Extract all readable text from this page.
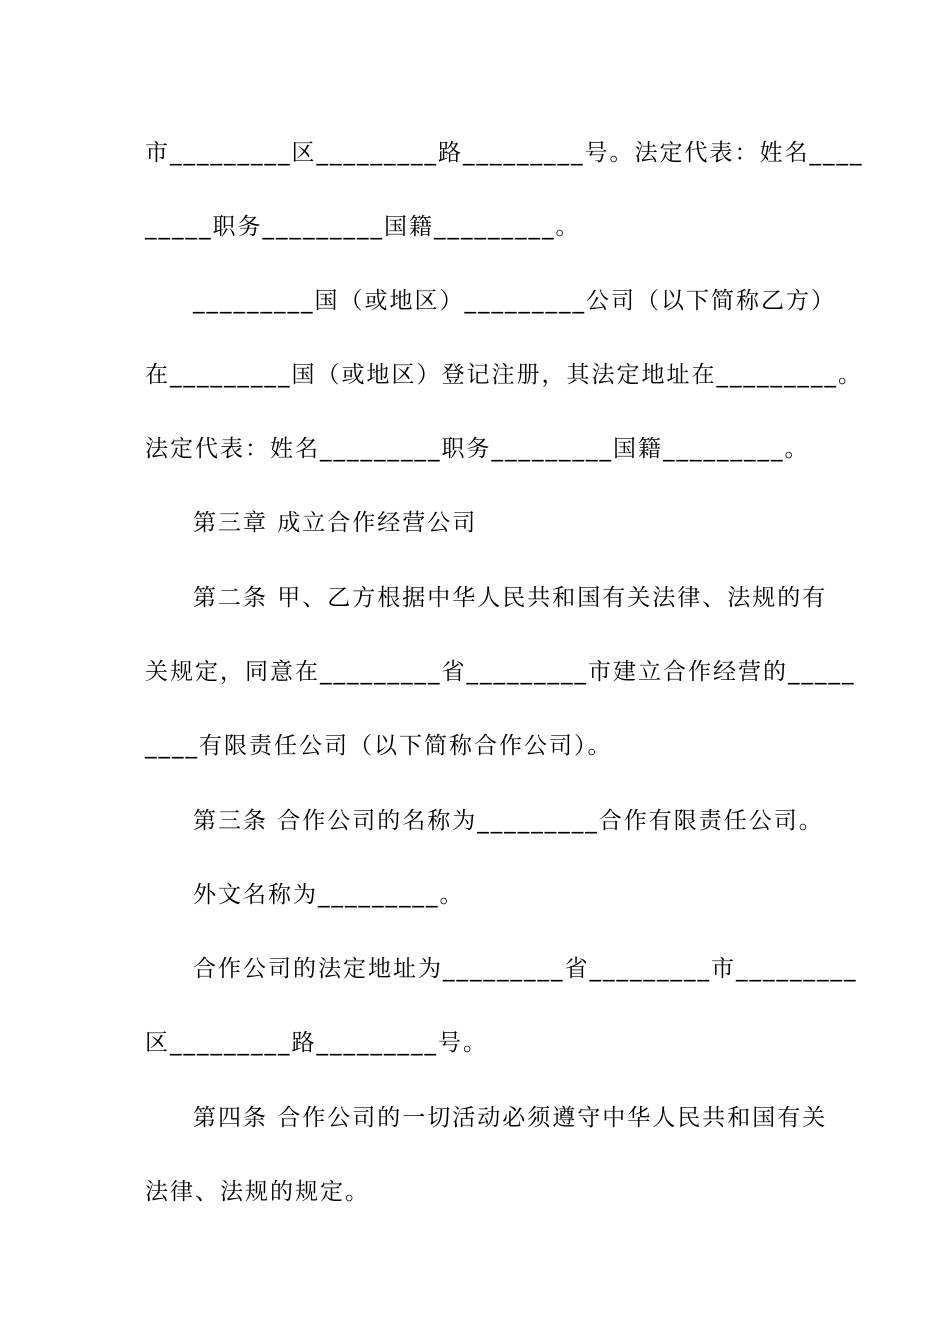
市_________区_________路_________号。法定代表：姓名____
_____职务_________国籍_________。
_________国（或地区）_________公司（以下简称乙方）
在_________国（或地区）登记注册，其法定地址在_________。
法定代表：姓名_________职务_________国籍_________。
第三章 成立合作经营公司
第二条 甲、乙方根据中华人民共和国有关法律、法规的有
关规定，同意在_________省_________市建立合作经营的_____
____有限责任公司（以下简称合作公司）。
第三条 合作公司的名称为_________合作有限责任公司。
外文名称为_________。
合作公司的法定地址为_________省_________市_________
区_________路_________号。
第四条 合作公司的一切活动必须遵守中华人民共和国有关
法律、法规的规定。
